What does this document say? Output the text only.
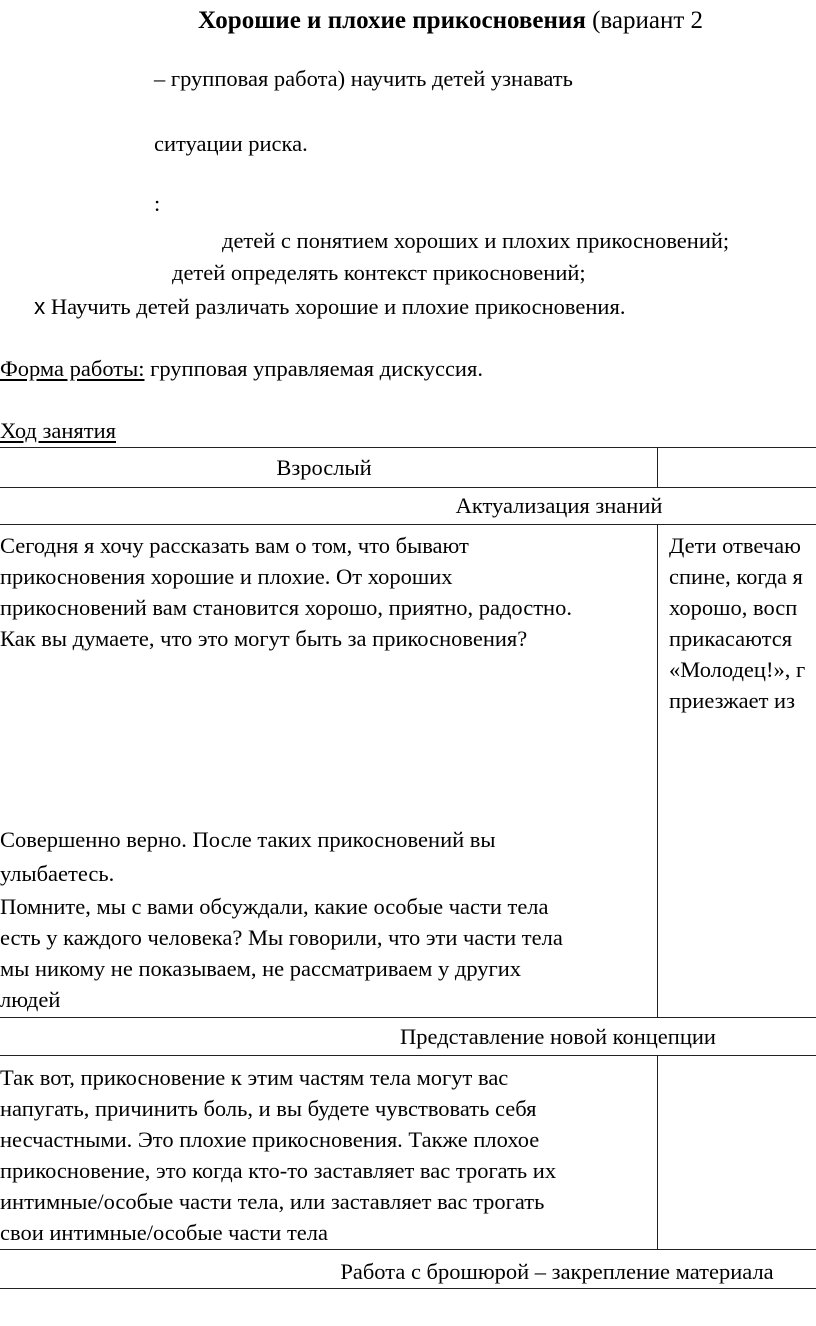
Хорошие и плохие прикосновения (вариант 2
– групповая работа) научить детей узнавать
ситуации риска.
:
детей с понятием хороших и плохих прикосновений;
детей определять контекст прикосновений;
x Научить детей различать хорошие и плохие прикосновения.
Форма работы: групповая управляемая дискуссия.
Ход занятия
Взрослый
Актуализация знаний

Сегодня я хочу рассказать вам о том, что бывают

прикосновения хорошие и плохие. От хороших

прикосновений вам становится хорошо, приятно, радостно.

Как вы думаете, что это могут быть за прикосновения?

Совершенно верно. После таких прикосновений вы

улыбаетесь.

Помните, мы с вами обсуждали, какие особые части тела

есть у каждого человека? Мы говорили, что эти части тела

мы никому не показываем, не рассматриваем у других

людей

Дети отвечаю

спине, когда я

хорошо, восп

прикасаются

«Молодец!», г

приезжает из

Представление новой концепции

Так вот, прикосновение к этим частям тела могут вас

напугать, причинить боль, и вы будете чувствовать себя

несчастными. Это плохие прикосновения. Также плохое

прикосновение, это когда кто-то заставляет вас трогать их

интимные/особые части тела, или заставляет вас трогать

свои интимные/особые части тела

Работа с брошюрой – закрепление материала
